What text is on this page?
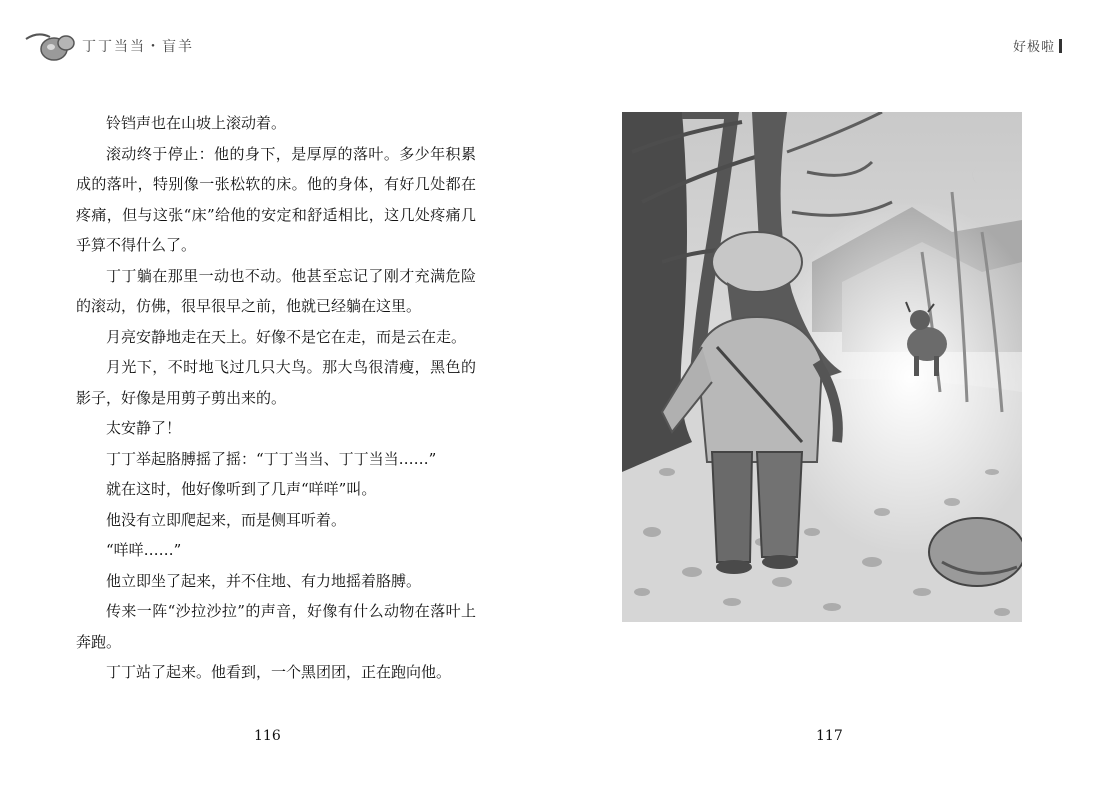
丁丁当当・盲羊	好极啦

铃铛声也在山坡上滚动着。

滚动终于停止：他的身下，是厚厚的落叶。多少年积累成的落叶，特别像一张松软的床。他的身体，有好几处都在疼痛，但与这张“床”给他的安定和舒适相比，这几处疼痛几乎算不得什么了。

丁丁躺在那里一动也不动。他甚至忘记了刚才充满危险的滚动，仿佛，很早很早之前，他就已经躺在这里。

月亮安静地走在天上。好像不是它在走，而是云在走。

月光下，不时地飞过几只大鸟。那大鸟很清瘦，黑色的影子，好像是用剪子剪出来的。

太安静了！

丁丁举起胳膊摇了摇：“丁丁当当、丁丁当当……”

就在这时，他好像听到了几声“咩咩”叫。

他没有立即爬起来，而是侧耳听着。

“咩咩……”

他立即坐了起来，并不住地、有力地摇着胳膊。

传来一阵“沙拉沙拉”的声音，好像有什么动物在落叶上奔跑。

丁丁站了起来。他看到，一个黑团团，正在跑向他。

116	117
